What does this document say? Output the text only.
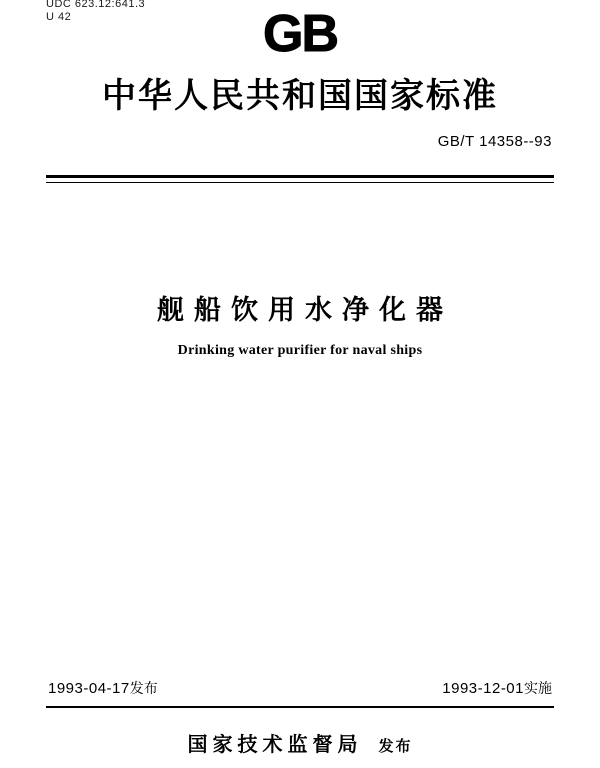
UDC 623.12:641.3
U 42	GB
中华人民共和国国家标准
GB/T 14358--93
舰船饮用水净化器
Drinking water purifier for naval ships
1993-04-17发布	1993-12-01实施
国家技术监督局 发布
